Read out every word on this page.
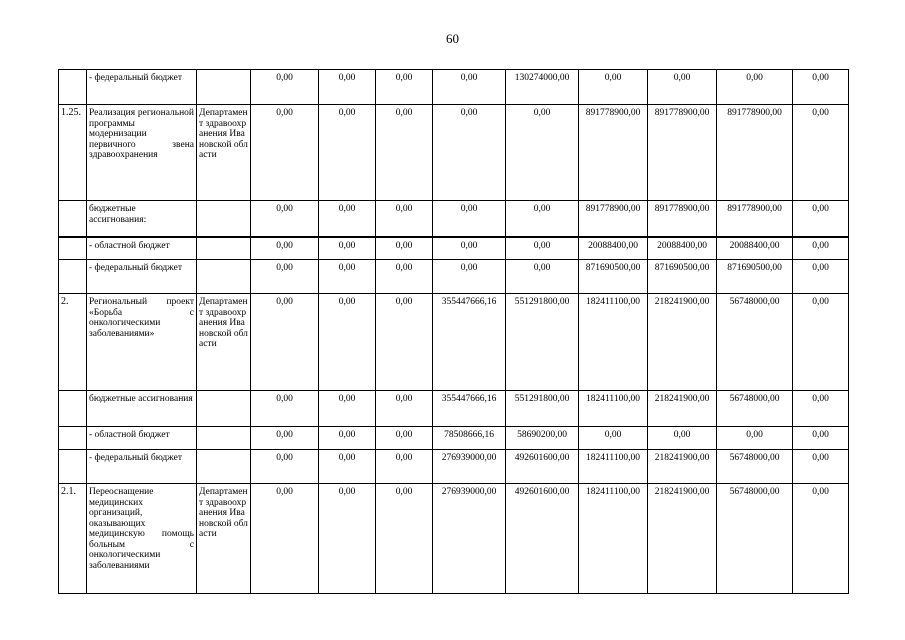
60
	- федеральный бюджет		0,00	0,00	0,00	0,00	130274000,00	0,00	0,00	0,00	0,00
1.25.	Реализация региональной программы модернизации первичного звена здравоохранения	Департамент здравоохранения Ивановской области	0,00	0,00	0,00	0,00	0,00	891778900,00	891778900,00	891778900,00	0,00
	бюджетные ассигнования:		0,00	0,00	0,00	0,00	0,00	891778900,00	891778900,00	891778900,00	0,00
	- областной бюджет		0,00	0,00	0,00	0,00	0,00	20088400,00	20088400,00	20088400,00	0,00
	- федеральный бюджет		0,00	0,00	0,00	0,00	0,00	871690500,00	871690500,00	871690500,00	0,00
2.	Региональный проект «Борьба с онкологическими заболеваниями»	Департамент здравоохранения Ивановской области	0,00	0,00	0,00	355447666,16	551291800,00	182411100,00	218241900,00	56748000,00	0,00
	бюджетные ассигнования		0,00	0,00	0,00	355447666,16	551291800,00	182411100,00	218241900,00	56748000,00	0,00
	- областной бюджет		0,00	0,00	0,00	78508666,16	58690200,00	0,00	0,00	0,00	0,00
	- федеральный бюджет		0,00	0,00	0,00	276939000,00	492601600,00	182411100,00	218241900,00	56748000,00	0,00
2.1.	Переоснащение медицинских организаций, оказывающих медицинскую помощь больным с онкологическими заболеваниями	Департамент здравоохранения Ивановской области	0,00	0,00	0,00	276939000,00	492601600,00	182411100,00	218241900,00	56748000,00	0,00
